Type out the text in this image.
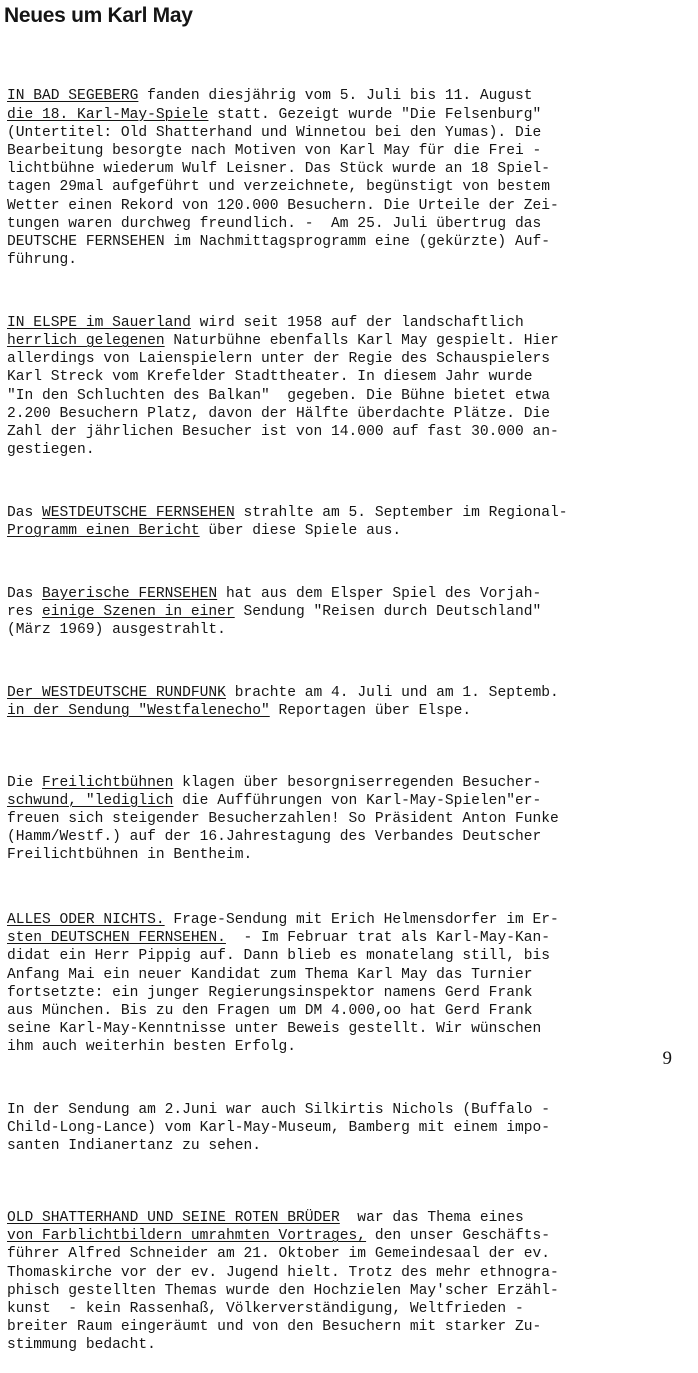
Neues um Karl May

IN BAD SEGEBERG fanden diesjährig vom 5. Juli bis 11. August
die 18. Karl-May-Spiele statt. Gezeigt wurde "Die Felsenburg"
(Untertitel: Old Shatterhand und Winnetou bei den Yumas). Die
Bearbeitung besorgte nach Motiven von Karl May für die Frei -
lichtbühne wiederum Wulf Leisner. Das Stück wurde an 18 Spiel-
tagen 29mal aufgeführt und verzeichnete, begünstigt von bestem
Wetter einen Rekord von 120.000 Besuchern. Die Urteile der Zei-
tungen waren durchweg freundlich. -  Am 25. Juli übertrug das
DEUTSCHE FERNSEHEN im Nachmittagsprogramm eine (gekürzte) Auf-
führung.

IN ELSPE im Sauerland wird seit 1958 auf der landschaftlich
herrlich gelegenen Naturbühne ebenfalls Karl May gespielt. Hier
allerdings von Laienspielern unter der Regie des Schauspielers
Karl Streck vom Krefelder Stadttheater. In diesem Jahr wurde
"In den Schluchten des Balkan"  gegeben. Die Bühne bietet etwa
2.200 Besuchern Platz, davon der Hälfte überdachte Plätze. Die
Zahl der jährlichen Besucher ist von 14.000 auf fast 30.000 an-
gestiegen.

Das WESTDEUTSCHE FERNSEHEN strahlte am 5. September im Regional-
Programm einen Bericht über diese Spiele aus.

Das Bayerische FERNSEHEN hat aus dem Elsper Spiel des Vorjah-
res einige Szenen in einer Sendung "Reisen durch Deutschland"
(März 1969) ausgestrahlt.

Der WESTDEUTSCHE RUNDFUNK brachte am 4. Juli und am 1. Septemb.
in der Sendung "Westfalenecho" Reportagen über Elspe.

Die Freilichtbühnen klagen über besorgniserregenden Besucher-
schwund, "lediglich die Aufführungen von Karl-May-Spielen"er-
freuen sich steigender Besucherzahlen! So Präsident Anton Funke
(Hamm/Westf.) auf der 16.Jahrestagung des Verbandes Deutscher
Freilichtbühnen in Bentheim.

ALLES ODER NICHTS. Frage-Sendung mit Erich Helmensdorfer im Er-
sten DEUTSCHEN FERNSEHEN.  - Im Februar trat als Karl-May-Kan-
didat ein Herr Pippig auf. Dann blieb es monatelang still, bis
Anfang Mai ein neuer Kandidat zum Thema Karl May das Turnier
fortsetzte: ein junger Regierungsinspektor namens Gerd Frank
aus München. Bis zu den Fragen um DM 4.000,oo hat Gerd Frank
seine Karl-May-Kenntnisse unter Beweis gestellt. Wir wünschen
ihm auch weiterhin besten Erfolg.

In der Sendung am 2.Juni war auch Silkirtis Nichols (Buffalo -
Child-Long-Lance) vom Karl-May-Museum, Bamberg mit einem impo-
santen Indianertanz zu sehen.

OLD SHATTERHAND UND SEINE ROTEN BRÜDER  war das Thema eines
von Farblichtbildern umrahmten Vortrages, den unser Geschäfts-
führer Alfred Schneider am 21. Oktober im Gemeindesaal der ev.
Thomaskirche vor der ev. Jugend hielt. Trotz des mehr ethnogra-
phisch gestellten Themas wurde den Hochzielen May'scher Erzähl-
kunst  - kein Rassenhaß, Völkerverständigung, Weltfrieden -
breiter Raum eingeräumt und von den Besuchern mit starker Zu-
stimmung bedacht.

9
